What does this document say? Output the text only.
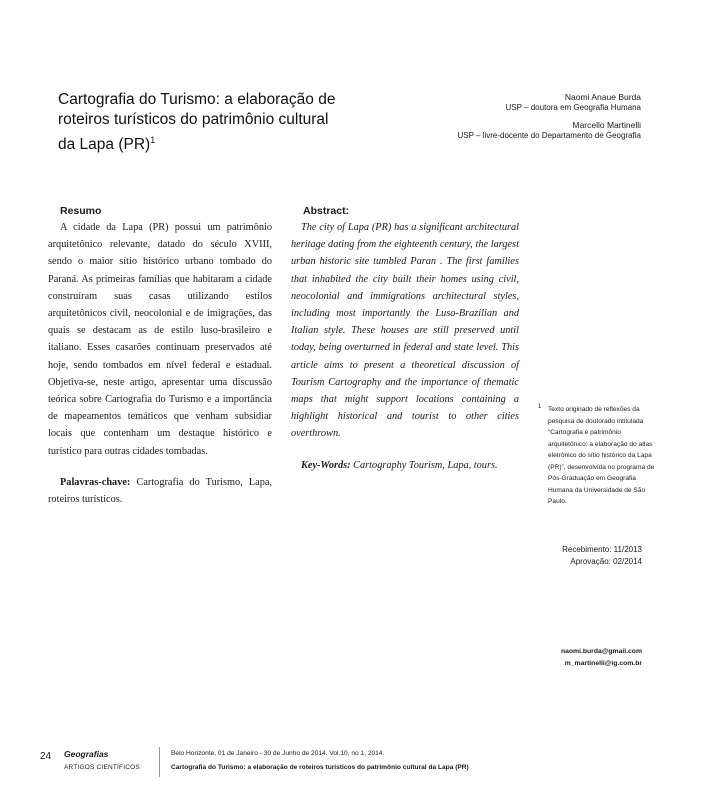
Cartografia do Turismo: a elaboração de roteiros turísticos do patrimônio cultural da Lapa (PR)$^1$
Naomi Anaue Burda
USP – doutora em Geografia Humana
Marcello Martinelli
USP – livre-docente do Departamento de Geografia
Resumo	Abstract:

A cidade da Lapa (PR) possui um patrimônio arquitetônico relevante, datado do século XVIII, sendo o maior sítio histórico urbano tombado do Paraná. As primeiras famílias que habitaram a cidade construíram suas casas utilizando estilos arquitetônicos civil, neocolonial e de imigrações, das quais se destacam as de estilo luso-brasileiro e italiano. Esses casarões continuam preservados até hoje, sendo tombados em nível federal e estadual. Objetiva-se, neste artigo, apresentar uma discussão teórica sobre Cartografia do Turismo e a importância de mapeamentos temáticos que venham subsidiar locais que contenham um destaque histórico e turístico para outras cidades tombadas.

Palavras-chave: Cartografia do Turismo, Lapa, roteiros turísticos.

The city of Lapa (PR) has a significant architectural heritage dating from the eighteenth century, the largest urban historic site tumbled Paran . The first families that inhabited the city built their homes using civil, neocolonial and immigrations architectural styles, including most importantly the Luso-Brazilian and Italian style. These houses are still preserved until today, being overturned in federal and state level. This article aims to present a theoretical discussion of Tourism Cartography and the importance of thematic maps that might support locations containing a highlight historical and tourist to other cities overthrown.

Key-Words: Cartography Tourism, Lapa, tours.

1 Texto originado de reflexões da pesquisa de doutorado intitulada “Cartografia e patrimônio arquitetônico: a elaboração do atlas eletrônico do sítio histórico da Lapa (PR)”, desenvolvida no programa de Pós-Graduação em Geografia Humana da Universidade de São Paulo.
Recebimento: 11/2013
Aprovação: 02/2014
naomi.burda@gmail.com
m_martinelli@ig.com.br
24 Geografias
ARTIGOS CIENTÍFICOS
Belo Horizonte, 01 de Janeiro - 30 de Junho de 2014. Vol.10, no 1, 2014.
Cartografia do Turismo: a elaboração de roteiros turísticos do patrimônio cultural da Lapa (PR)
